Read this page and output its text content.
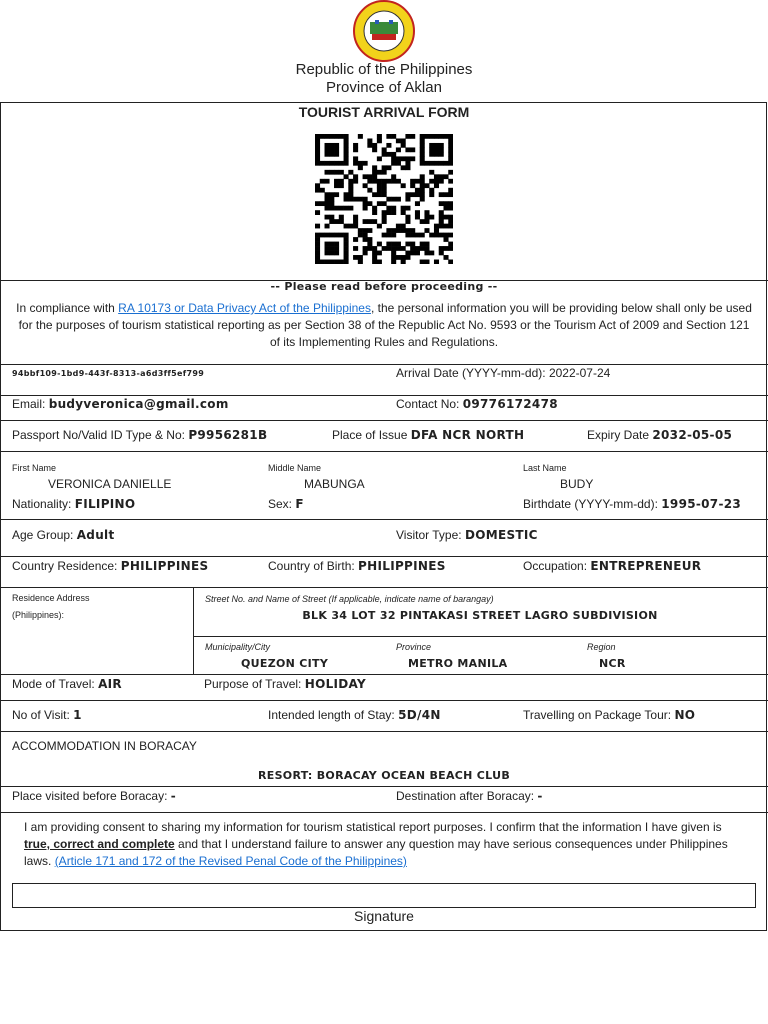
Republic of the Philippines
Province of Aklan
TOURIST ARRIVAL FORM
-- Please read before proceeding --
In compliance with RA 10173 or Data Privacy Act of the Philippines, the personal information you will be providing below shall only be used for the purposes of tourism statistical reporting as per Section 38 of the Republic Act No. 9593 or the Tourism Act of 2009 and Section 121 of its Implementing Rules and Regulations.
94bbf109-1bd9-443f-8313-a6d3ff5ef799	Arrival Date (YYYY-mm-dd): 2022-07-24
Email: budyveronica@gmail.com	Contact No: 09776172478
Passport No/Valid ID Type & No: P9956281B	Place of Issue DFA NCR NORTH	Expiry Date 2032-05-05
First Name	Middle Name	Last Name
VERONICA DANIELLE	MABUNGA	BUDY
Nationality: FILIPINO	Sex: F	Birthdate (YYYY-mm-dd): 1995-07-23
Age Group: Adult	Visitor Type: DOMESTIC
Country Residence: PHILIPPINES	Country of Birth: PHILIPPINES	Occupation: ENTREPRENEUR
Residence Address
(Philippines):
Street No. and Name of Street (If applicable, indicate name of barangay)
BLK 34 LOT 32 PINTAKASI STREET LAGRO SUBDIVISION
Municipality/City	Province	Region
QUEZON CITY	METRO MANILA	NCR
Mode of Travel: AIR	Purpose of Travel: HOLIDAY
No of Visit: 1	Intended length of Stay: 5D/4N	Travelling on Package Tour: NO
ACCOMMODATION IN BORACAY
RESORT: BORACAY OCEAN BEACH CLUB
Place visited before Boracay: -	Destination after Boracay: -
I am providing consent to sharing my information for tourism statistical report purposes. I confirm that the information I have given is true, correct and complete and that I understand failure to answer any question may have serious consequences under Philippines laws. (Article 171 and 172 of the Revised Penal Code of the Philippines)
Signature
